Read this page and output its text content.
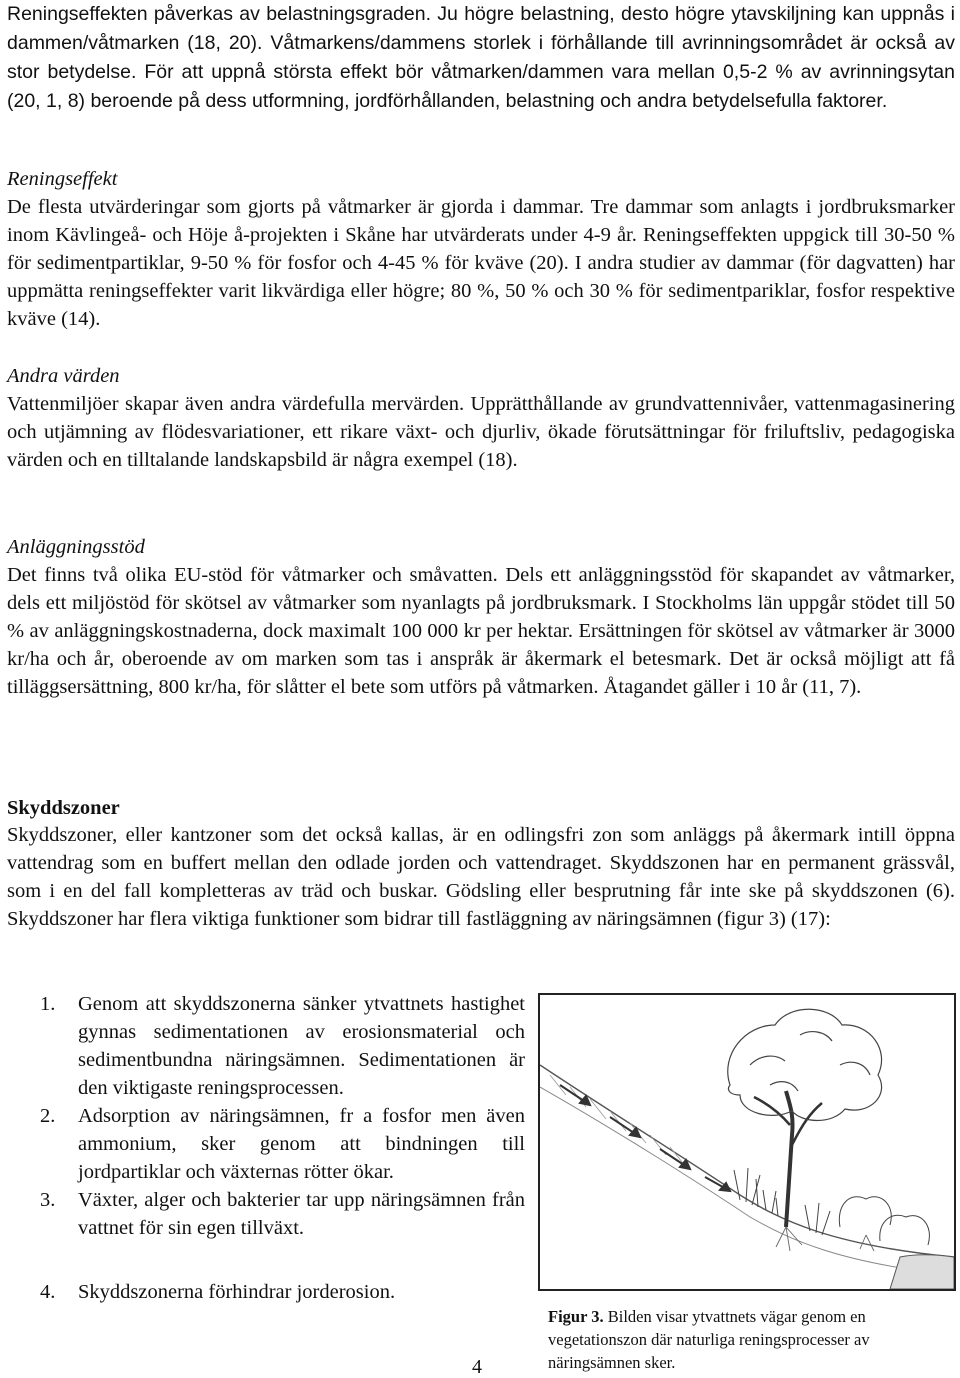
Reningseffekten påverkas av belastningsgraden. Ju högre belastning, desto högre ytavskiljning kan uppnås i dammen/våtmarken (18, 20). Våtmarkens/dammens storlek i förhållande till avrinningsområdet är också av stor betydelse. För att uppnå största effekt bör våtmarken/dammen vara mellan 0,5-2 % av avrinningsytan (20, 1, 8) beroende på dess utformning, jordförhållanden, belastning och andra betydelsefulla faktorer.

Reningseffekt

De flesta utvärderingar som gjorts på våtmarker är gjorda i dammar. Tre dammar som anlagts i jordbruksmarker inom Kävlingeå- och Höje å-projekten i Skåne har utvärderats under 4-9 år. Reningseffekten uppgick till 30-50 % för sedimentpartiklar, 9-50 % för fosfor och 4-45 % för kväve (20). I andra studier av dammar (för dagvatten) har uppmätta reningseffekter varit likvärdiga eller högre; 80 %, 50 % och 30 % för sedimentpariklar, fosfor respektive kväve (14).

Andra värden

Vattenmiljöer skapar även andra värdefulla mervärden. Upprätthållande av grundvattennivåer, vattenmagasinering och utjämning av flödesvariationer, ett rikare växt- och djurliv, ökade förutsättningar för friluftsliv, pedagogiska värden och en tilltalande landskapsbild är några exempel (18).

Anläggningsstöd

Det finns två olika EU-stöd för våtmarker och småvatten. Dels ett anläggningsstöd för skapandet av våtmarker, dels ett miljöstöd för skötsel av våtmarker som nyanlagts på jordbruksmark. I Stockholms län uppgår stödet till 50 % av anläggningskostnaderna, dock maximalt 100 000 kr per hektar. Ersättningen för skötsel av våtmarker är 3000 kr/ha och år, oberoende av om marken som tas i anspråk är åkermark el betesmark. Det är också möjligt att få tilläggsersättning, 800 kr/ha, för slåtter el bete som utförs på våtmarken. Åtagandet gäller i 10 år (11, 7).

Skyddszoner

Skyddszoner, eller kantzoner som det också kallas, är en odlingsfri zon som anläggs på åkermark intill öppna vattendrag som en buffert mellan den odlade jorden och vattendraget. Skyddszonen har en permanent grässvål, som i en del fall kompletteras av träd och buskar. Gödsling eller besprutning får inte ske på skyddszonen (6). Skyddszoner har flera viktiga funktioner som bidrar till fastläggning av näringsämnen (figur 3) (17):

1. Genom att skyddszonerna sänker ytvattnets hastighet gynnas sedimentationen av erosionsmaterial och sedimentbundna näringsämnen. Sedimentationen är den viktigaste reningsprocessen.
2. Adsorption av näringsämnen, fr a fosfor men även ammonium, sker genom att bindningen till jordpartiklar och växternas rötter ökar.
3. Växter, alger och bakterier tar upp näringsämnen från vattnet för sin egen tillväxt.
4. Skyddszonerna förhindrar jorderosion.
Figur 3. Bilden visar ytvattnets vägar genom en vegetationszon där naturliga reningsprocesser av näringsämnen sker.
4
